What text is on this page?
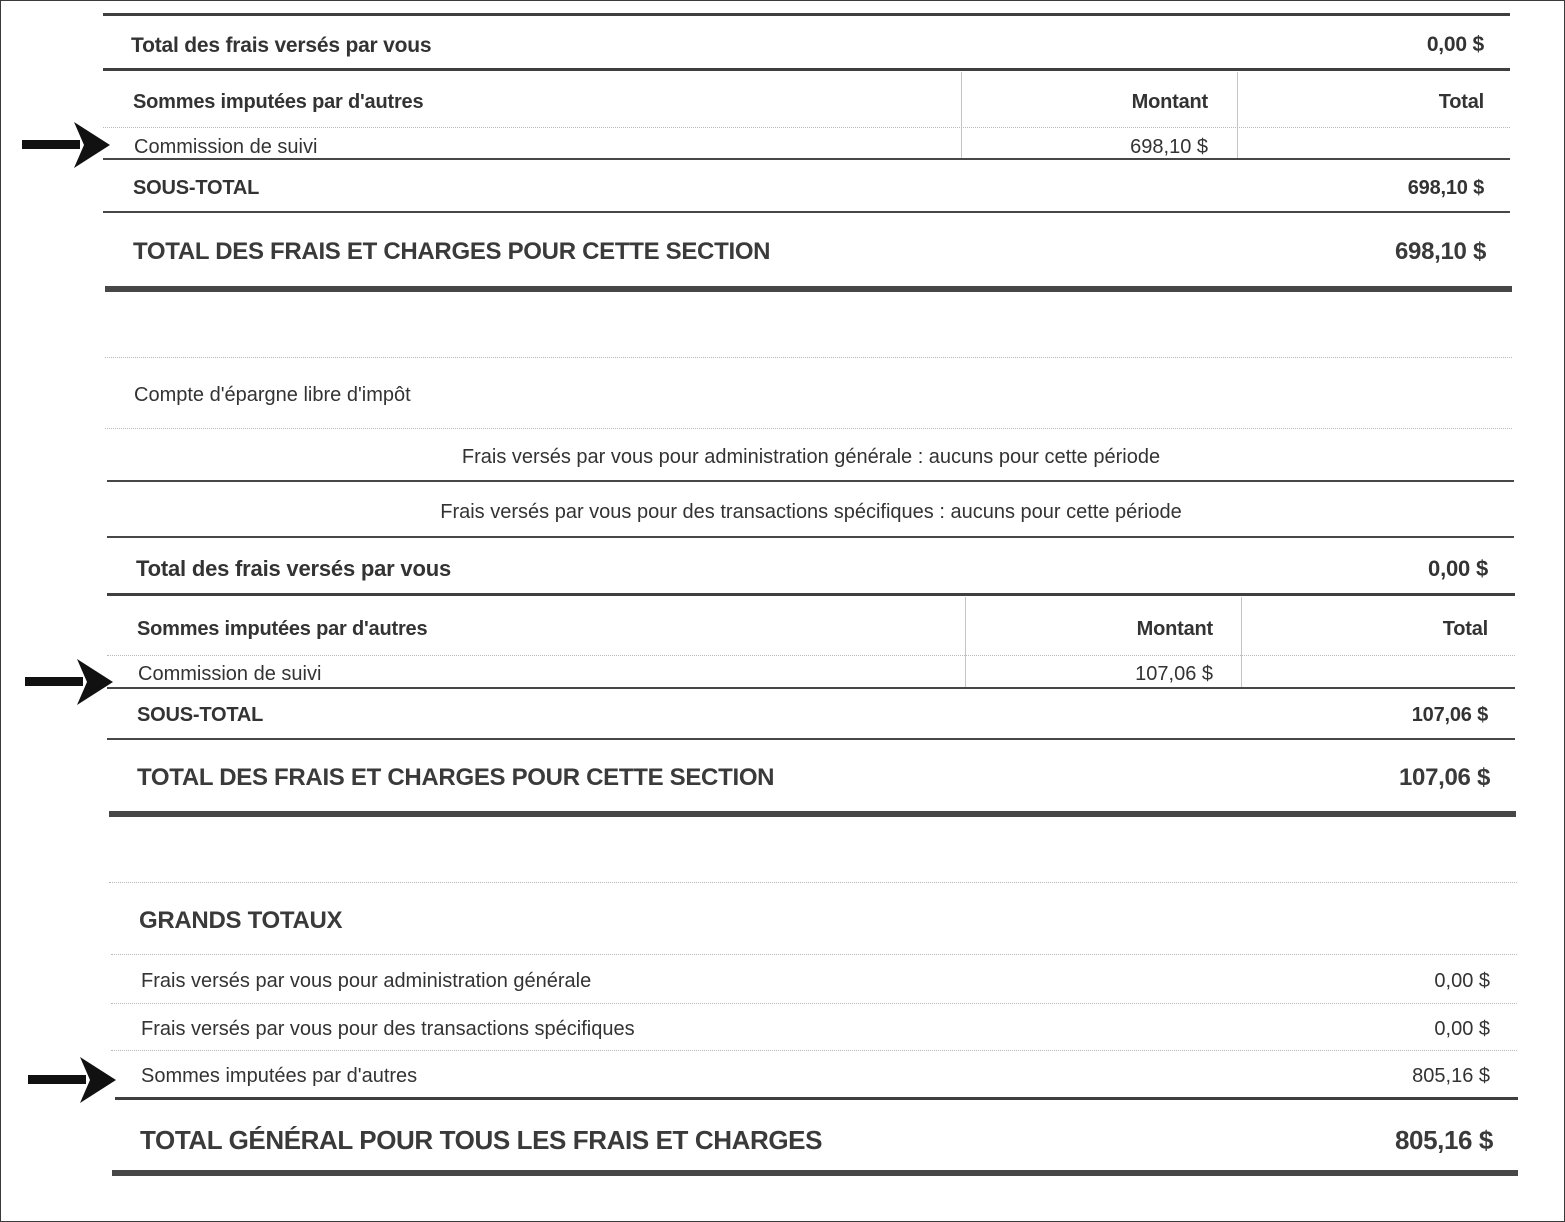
Total des frais versés par vous	0,00 $
Sommes imputées par d'autres	Montant	Total
Commission de suivi	698,10 $
SOUS-TOTAL	698,10 $
TOTAL DES FRAIS ET CHARGES POUR CETTE SECTION	698,10 $
Compte d'épargne libre d'impôt
Frais versés par vous pour administration générale : aucuns pour cette période
Frais versés par vous pour des transactions spécifiques : aucuns pour cette période
Total des frais versés par vous	0,00 $
Sommes imputées par d'autres	Montant	Total
Commission de suivi	107,06 $
SOUS-TOTAL	107,06 $
TOTAL DES FRAIS ET CHARGES POUR CETTE SECTION	107,06 $
GRANDS TOTAUX
Frais versés par vous pour administration générale	0,00 $
Frais versés par vous pour des transactions spécifiques	0,00 $
Sommes imputées par d'autres	805,16 $
TOTAL GÉNÉRAL POUR TOUS LES FRAIS ET CHARGES	805,16 $
